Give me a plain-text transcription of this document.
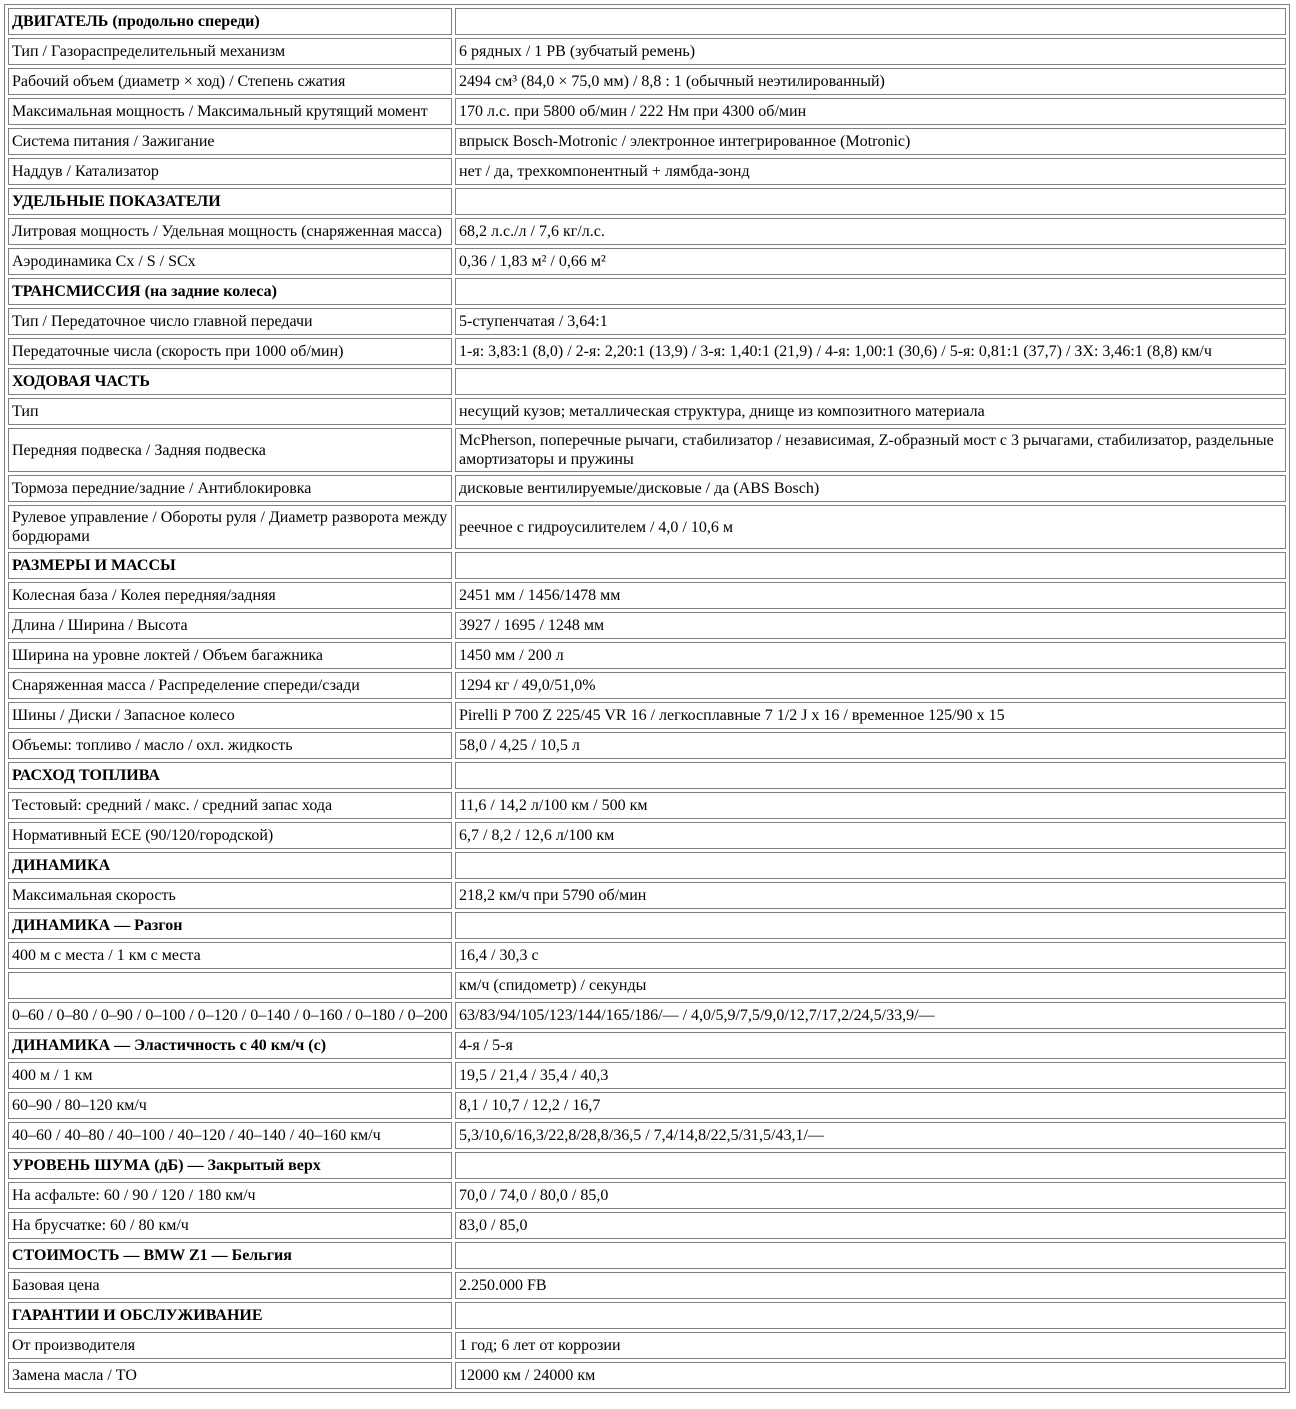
ДВИГАТЕЛЬ (продольно спереди)	
Тип / Газораспределительный механизм	6 рядных / 1 РВ (зубчатый ремень)
Рабочий объем (диаметр × ход) / Степень сжатия	2494 см³ (84,0 × 75,0 мм) / 8,8 : 1 (обычный неэтилированный)
Максимальная мощность / Максимальный крутящий момент	170 л.с. при 5800 об/мин / 222 Нм при 4300 об/мин
Система питания / Зажигание	впрыск Bosch-Motronic / электронное интегрированное (Motronic)
Наддув / Катализатор	нет / да, трехкомпонентный + лямбда-зонд
УДЕЛЬНЫЕ ПОКАЗАТЕЛИ	
Литровая мощность / Удельная мощность (снаряженная масса)	68,2 л.с./л / 7,6 кг/л.с.
Аэродинамика Cx / S / SCx	0,36 / 1,83 м² / 0,66 м²
ТРАНСМИССИЯ (на задние колеса)	
Тип / Передаточное число главной передачи	5-ступенчатая / 3,64:1
Передаточные числа (скорость при 1000 об/мин)	1-я: 3,83:1 (8,0) / 2-я: 2,20:1 (13,9) / 3-я: 1,40:1 (21,9) / 4-я: 1,00:1 (30,6) / 5-я: 0,81:1 (37,7) / ЗХ: 3,46:1 (8,8) км/ч
ХОДОВАЯ ЧАСТЬ	
Тип	несущий кузов; металлическая структура, днище из композитного материала
Передняя подвеска / Задняя подвеска	McPherson, поперечные рычаги, стабилизатор / независимая, Z-образный мост с 3 рычагами, стабилизатор, раздельные амортизаторы и пружины
Тормоза передние/задние / Антиблокировка	дисковые вентилируемые/дисковые / да (ABS Bosch)
Рулевое управление / Обороты руля / Диаметр разворота между бордюрами	реечное с гидроусилителем / 4,0 / 10,6 м
РАЗМЕРЫ И МАССЫ	
Колесная база / Колея передняя/задняя	2451 мм / 1456/1478 мм
Длина / Ширина / Высота	3927 / 1695 / 1248 мм
Ширина на уровне локтей / Объем багажника	1450 мм / 200 л
Снаряженная масса / Распределение спереди/сзади	1294 кг / 49,0/51,0%
Шины / Диски / Запасное колесо	Pirelli P 700 Z 225/45 VR 16 / легкосплавные 7 1/2 J x 16 / временное 125/90 x 15
Объемы: топливо / масло / охл. жидкость	58,0 / 4,25 / 10,5 л
РАСХОД ТОПЛИВА	
Тестовый: средний / макс. / средний запас хода	11,6 / 14,2 л/100 км / 500 км
Нормативный ECE (90/120/городской)	6,7 / 8,2 / 12,6 л/100 км
ДИНАМИКА	
Максимальная скорость	218,2 км/ч при 5790 об/мин
ДИНАМИКА — Разгон	
400 м с места / 1 км с места	16,4 / 30,3 с
	км/ч (спидометр) / секунды
0–60 / 0–80 / 0–90 / 0–100 / 0–120 / 0–140 / 0–160 / 0–180 / 0–200	63/83/94/105/123/144/165/186/— / 4,0/5,9/7,5/9,0/12,7/17,2/24,5/33,9/—
ДИНАМИКА — Эластичность с 40 км/ч (с)	4-я / 5-я
400 м / 1 км	19,5 / 21,4 / 35,4 / 40,3
60–90 / 80–120 км/ч	8,1 / 10,7 / 12,2 / 16,7
40–60 / 40–80 / 40–100 / 40–120 / 40–140 / 40–160 км/ч	5,3/10,6/16,3/22,8/28,8/36,5 / 7,4/14,8/22,5/31,5/43,1/—
УРОВЕНЬ ШУМА (дБ) — Закрытый верх	
На асфальте: 60 / 90 / 120 / 180 км/ч	70,0 / 74,0 / 80,0 / 85,0
На брусчатке: 60 / 80 км/ч	83,0 / 85,0
СТОИМОСТЬ — BMW Z1 — Бельгия	
Базовая цена	2.250.000 FB
ГАРАНТИИ И ОБСЛУЖИВАНИЕ	
От производителя	1 год; 6 лет от коррозии
Замена масла / ТО	12000 км / 24000 км
